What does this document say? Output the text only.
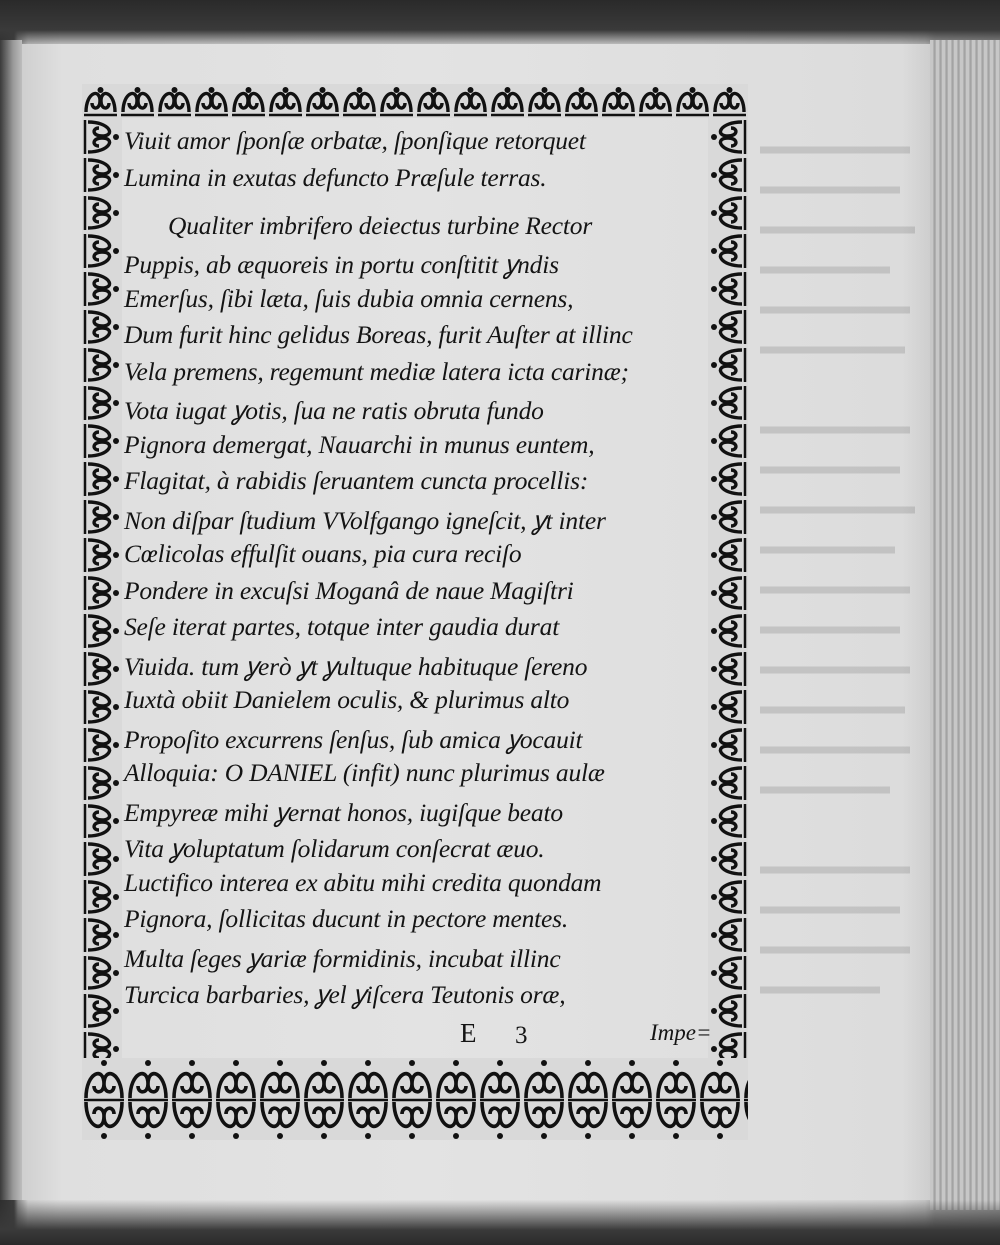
Viuit amor ſponſæ orbatæ, ſponſique retorquet
Lumina in exutas defuncto Præſule terras.
Qualiter imbrifero deiectus turbine Rector
Puppis, ab æquoreis in portu conſtitit ỿndis
Emerſus, ſibi læta, ſuis dubia omnia cernens,
Dum furit hinc gelidus Boreas, furit Auſter at illinc
Vela premens, regemunt mediæ latera icta carinæ;
Vota iugat ỿotis, ſua ne ratis obruta fundo
Pignora demergat, Nauarchi in munus euntem,
Flagitat, à rabidis ſeruantem cuncta procellis:
Non diſpar ſtudium VVolfgango igneſcit, ỿt inter
Cœlicolas effulſit ouans, pia cura reciſo
Pondere in excuſsi Moganâ de naue Magiſtri
Seſe iterat partes, totque inter gaudia durat
Viuida. tum ỿerò ỿt ỿultuque habituque ſereno
Iuxtà obiit Danielem oculis, & plurimus alto
Propoſito excurrens ſenſus, ſub amica ỿocauit
Alloquia: O DANIEL (infit) nunc plurimus aulæ
Empyreæ mihi ỿernat honos, iugiſque beato
Vita ỿoluptatum ſolidarum conſecrat æuo.
Luctifico interea ex abitu mihi credita quondam
Pignora, ſollicitas ducunt in pectore mentes.
Multa ſeges ỿariæ formidinis, incubat illinc
Turcica barbaries, ỿel ỿiſcera Teutonis oræ,
E 3	Impe=
